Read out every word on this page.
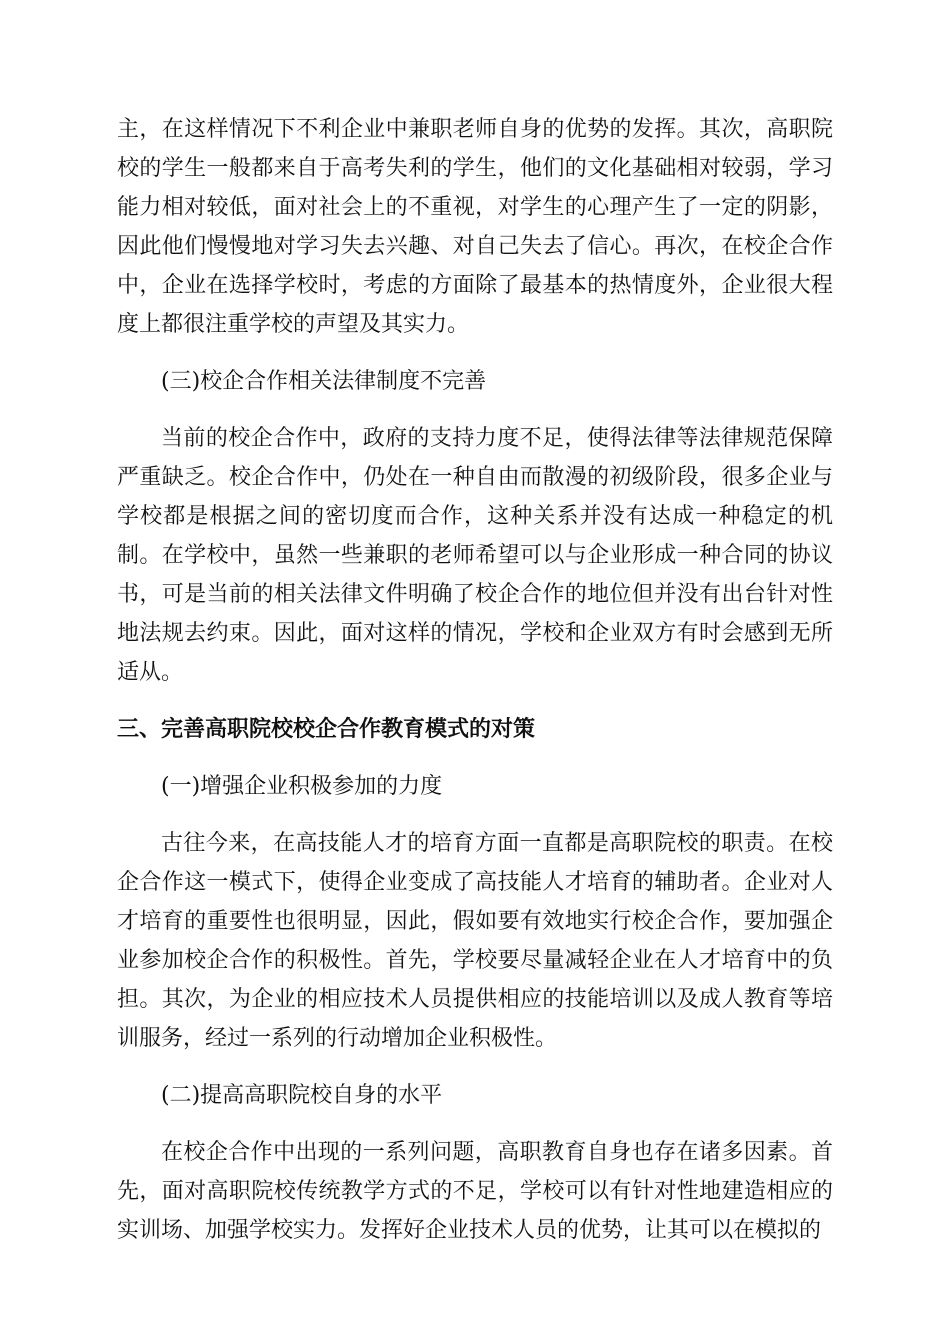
主，在这样情况下不利企业中兼职老师自身的优势的发挥。其次，高职院校的学生一般都来自于高考失利的学生，他们的文化基础相对较弱，学习能力相对较低，面对社会上的不重视，对学生的心理产生了一定的阴影，因此他们慢慢地对学习失去兴趣、对自己失去了信心。再次，在校企合作中，企业在选择学校时，考虑的方面除了最基本的热情度外，企业很大程度上都很注重学校的声望及其实力。

(三)校企合作相关法律制度不完善

当前的校企合作中，政府的支持力度不足，使得法律等法律规范保障严重缺乏。校企合作中，仍处在一种自由而散漫的初级阶段，很多企业与学校都是根据之间的密切度而合作，这种关系并没有达成一种稳定的机制。在学校中，虽然一些兼职的老师希望可以与企业形成一种合同的协议书，可是当前的相关法律文件明确了校企合作的地位但并没有出台针对性地法规去约束。因此，面对这样的情况，学校和企业双方有时会感到无所适从。

三、完善高职院校校企合作教育模式的对策

(一)增强企业积极参加的力度

古往今来，在高技能人才的培育方面一直都是高职院校的职责。在校企合作这一模式下，使得企业变成了高技能人才培育的辅助者。企业对人才培育的重要性也很明显，因此，假如要有效地实行校企合作，要加强企业参加校企合作的积极性。首先，学校要尽量减轻企业在人才培育中的负担。其次，为企业的相应技术人员提供相应的技能培训以及成人教育等培训服务，经过一系列的行动增加企业积极性。

(二)提高高职院校自身的水平

在校企合作中出现的一系列问题，高职教育自身也存在诸多因素。首先，面对高职院校传统教学方式的不足，学校可以有针对性地建造相应的实训场、加强学校实力。发挥好企业技术人员的优势，让其可以在模拟的
